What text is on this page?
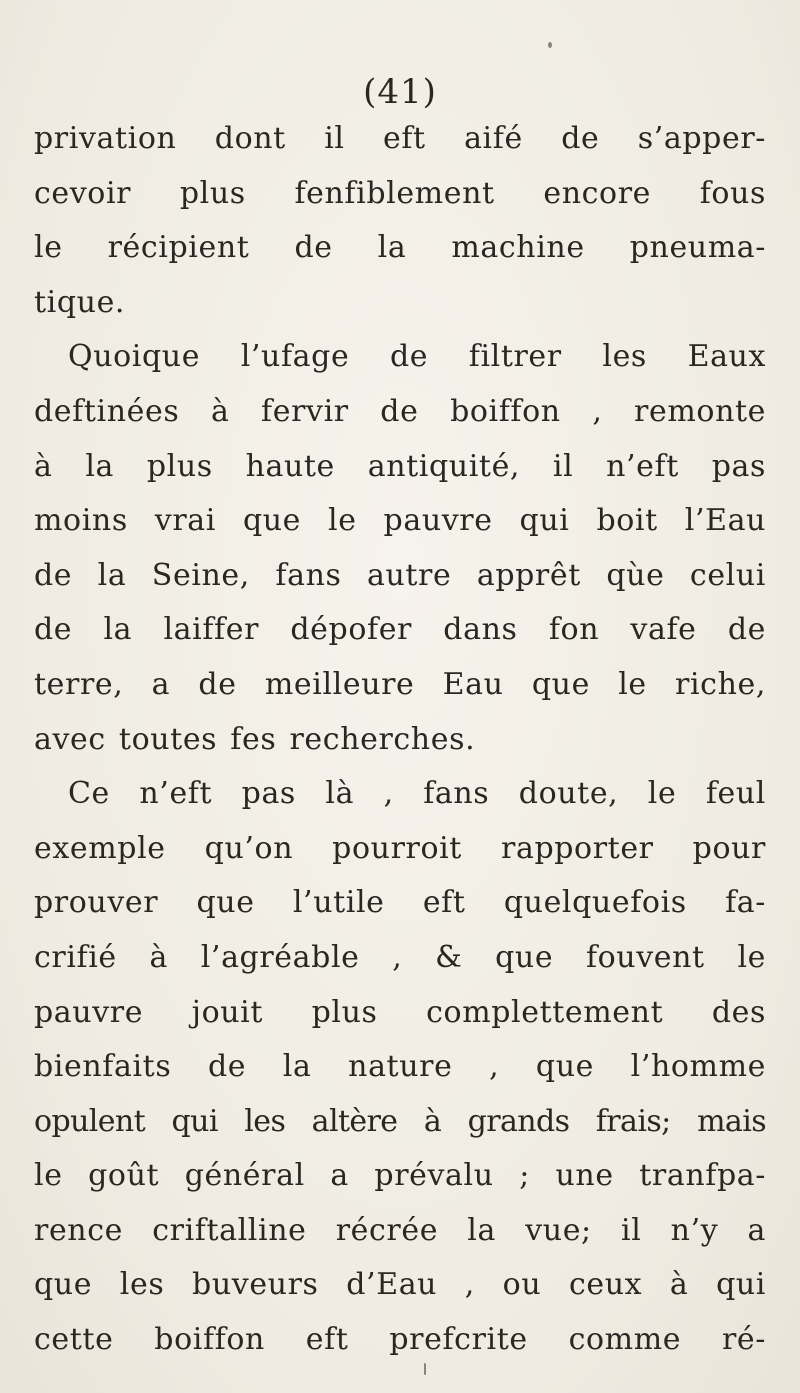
(41)
privation dont il eft aifé de s’apper-
cevoir plus fenfiblement encore fous
le récipient de la machine pneuma-
tique.
Quoique l’ufage de filtrer les Eaux
deftinées à fervir de boiffon , remonte
à la plus haute antiquité, il n’eft pas
moins vrai que le pauvre qui boit l’Eau
de la Seine, fans autre apprêt qùe celui
de la laiffer dépofer dans fon vafe de
terre, a de meilleure Eau que le riche,
avec toutes fes recherches.
Ce n’eft pas là , fans doute, le feul
exemple qu’on pourroit rapporter pour
prouver que l’utile eft quelquefois fa-
crifié à l’agréable , & que fouvent le
pauvre jouit plus complettement des
bienfaits de la nature , que l’homme
opulent qui les altère à grands frais; mais
le goût général a prévalu ; une tranfpa-
rence criftalline récrée la vue; il n’y a
que les buveurs d’Eau , ou ceux à qui
cette boiffon eft prefcrite comme ré-
